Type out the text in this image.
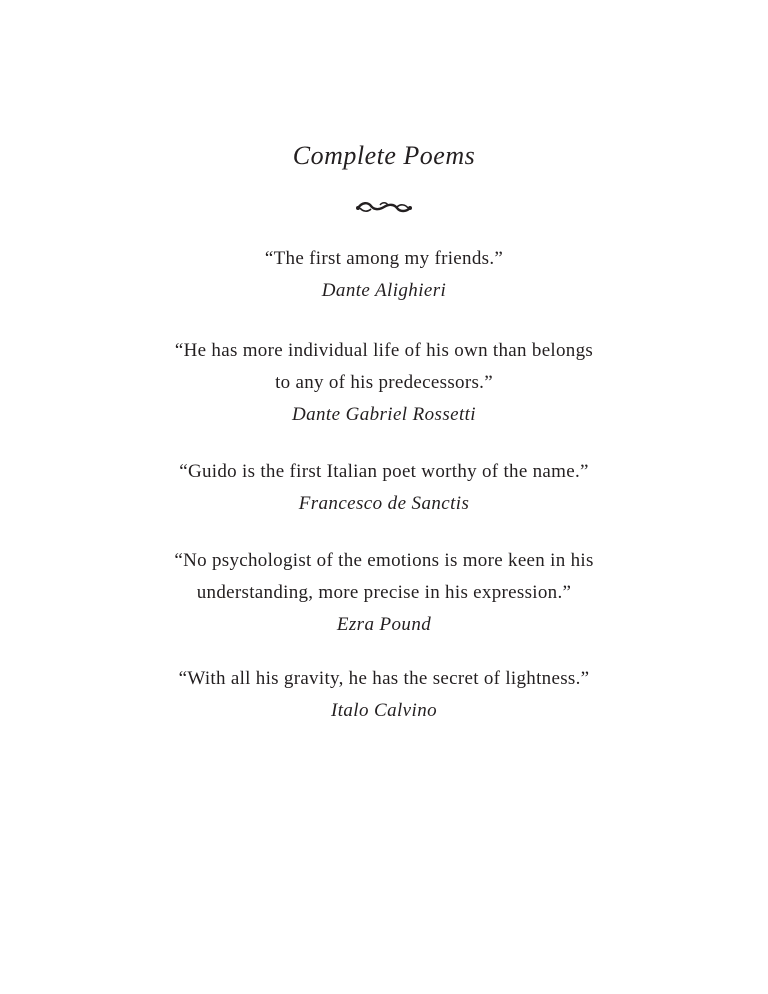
Complete Poems
“The first among my friends.”
Dante Alighieri
“He has more individual life of his own than belongs
to any of his predecessors.”
Dante Gabriel Rossetti
“Guido is the first Italian poet worthy of the name.”
Francesco de Sanctis
“No psychologist of the emotions is more keen in his
understanding, more precise in his expression.”
Ezra Pound
“With all his gravity, he has the secret of lightness.”
Italo Calvino
